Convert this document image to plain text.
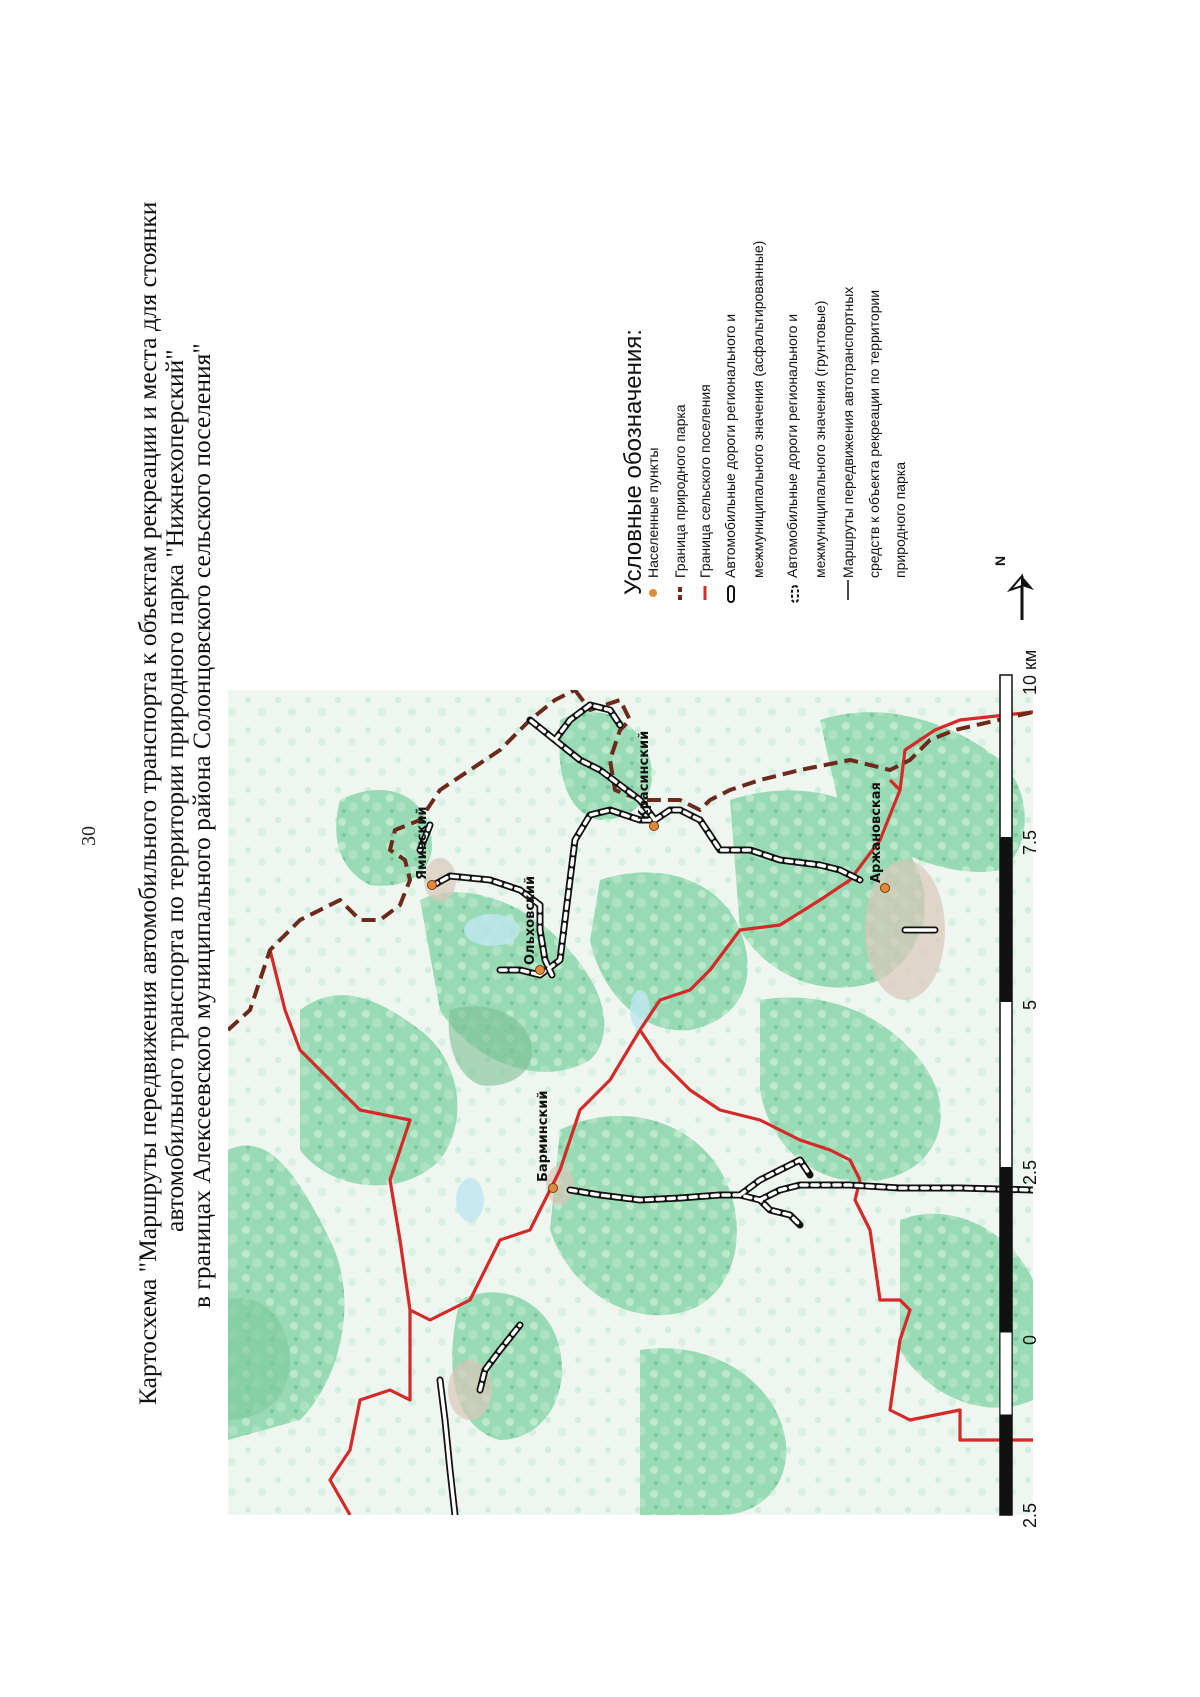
30 Картосхема "Маршруты передвижения автомобильного транспорта к объектам рекреации и места для стоянки
автомобильного транспорта по территории природного парка "Нижнехоперский"
в границах Алексеевского муниципального района Солонцовского сельского поселения"	Яминский
Ольховский
Красинский
Барминский
Аржановская
N
Условные обозначения:
Населенные пункты Граница природного парка Граница сельского поселения Автомобильные дороги регионального и межмуниципального значения (асфальтированные) Автомобильные дороги регионального и межмуниципального значения (грунтовые) Маршруты передвижения автотранспортных средств к объекта рекреации по территории природного парка
2.5
0
2.5
5
7.5
10 км
